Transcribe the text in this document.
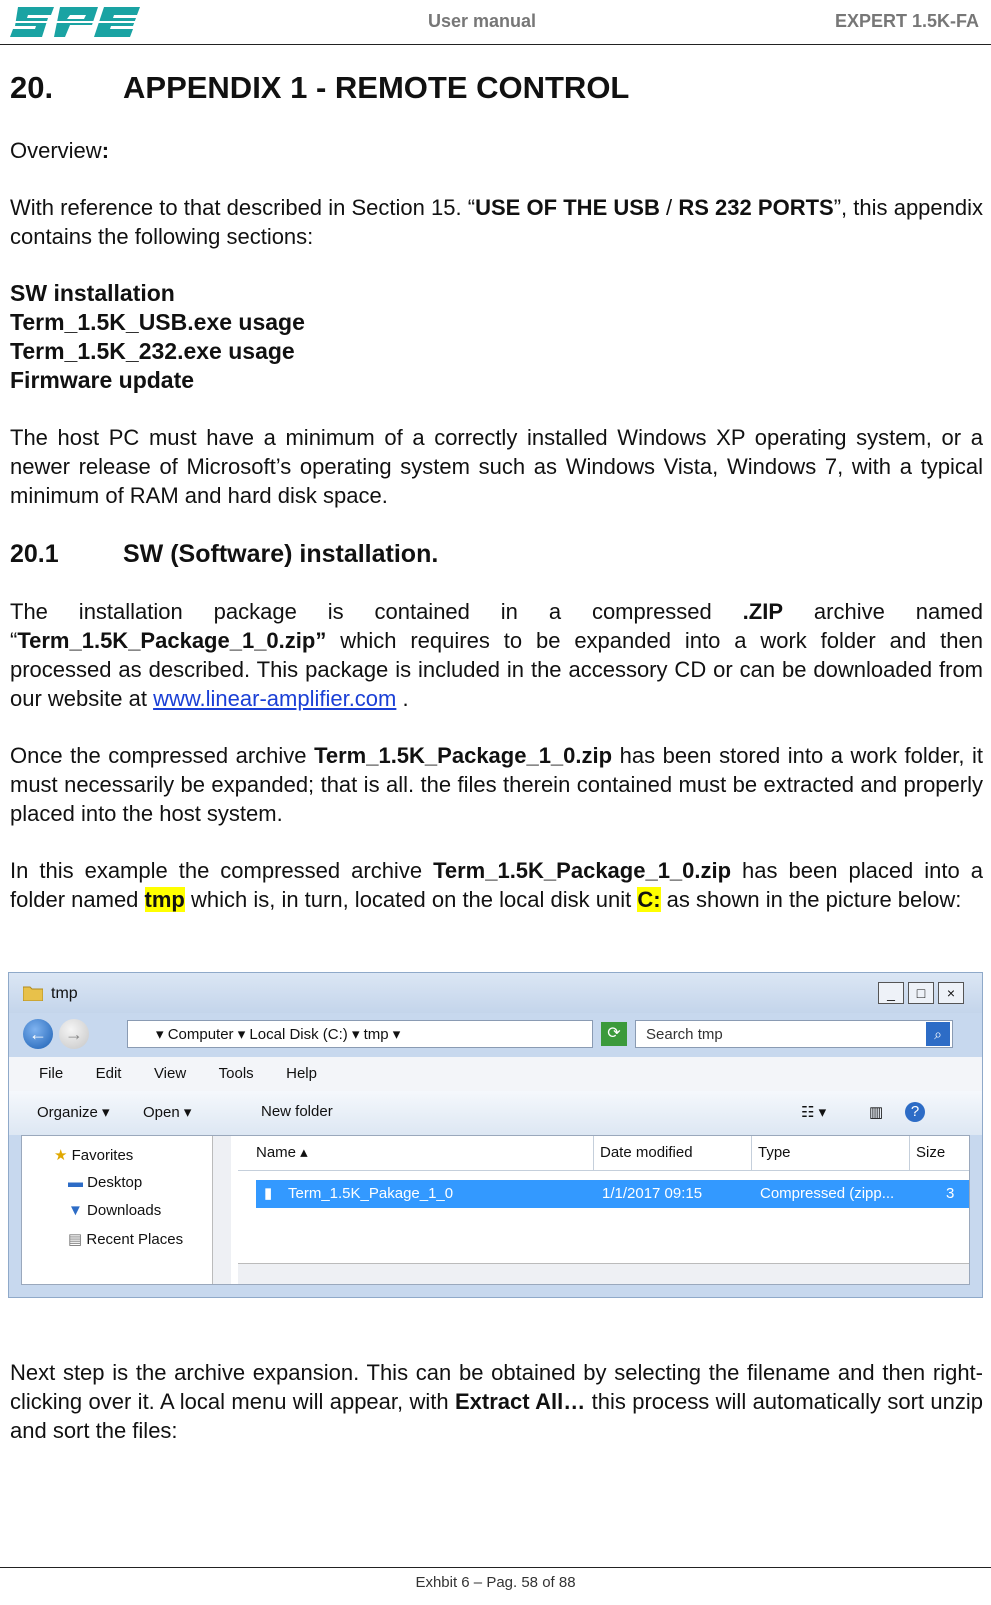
User manual	EXPERT 1.5K-FA
20.	APPENDIX 1 - REMOTE CONTROL

Overview:

With reference to that described in Section 15. “USE OF THE USB / RS 232 PORTS”, this appendix contains the following sections:

SW installation
Term_1.5K_USB.exe usage
Term_1.5K_232.exe usage
Firmware update

The host PC must have a minimum of a correctly installed Windows XP operating system, or a newer release of Microsoft’s operating system such as Windows Vista, Windows 7, with a typical minimum of RAM and hard disk space.

20.1	SW (Software) installation.

The installation package is contained in a compressed .ZIP archive named “Term_1.5K_Package_1_0.zip” which requires to be expanded into a work folder and then processed as described. This package is included in the accessory CD or can be downloaded from our website at www.linear-amplifier.com .

Once the compressed archive Term_1.5K_Package_1_0.zip has been stored into a work folder, it must necessarily be expanded; that is all. the files therein contained must be extracted and properly placed into the host system.

In this example the compressed archive Term_1.5K_Package_1_0.zip has been placed into a folder named tmp which is, in turn, located on the local disk unit C: as shown in the picture below:

tmp	_	□	×
←	→	▾ Computer ▾ Local Disk (C:) ▾ tmp ▾	⟳	Search tmp	⌕
File Edit View Tools Help
Organize ▾ Open ▾	New folder	☷ ▾	▥	?
★ Favorites
▬ Desktop
▼ Downloads
▤ Recent Places
Name ▴	Date modified	Type	Size
▮ Term_1.5K_Pakage_1_0	1/1/2017 09:15	Compressed (zipp...	3

Next step is the archive expansion. This can be obtained by selecting the filename and then right-clicking over it. A local menu will appear, with Extract All… this process will automatically sort unzip and sort the files:

Exhbit 6 – Pag. 58 of 88
